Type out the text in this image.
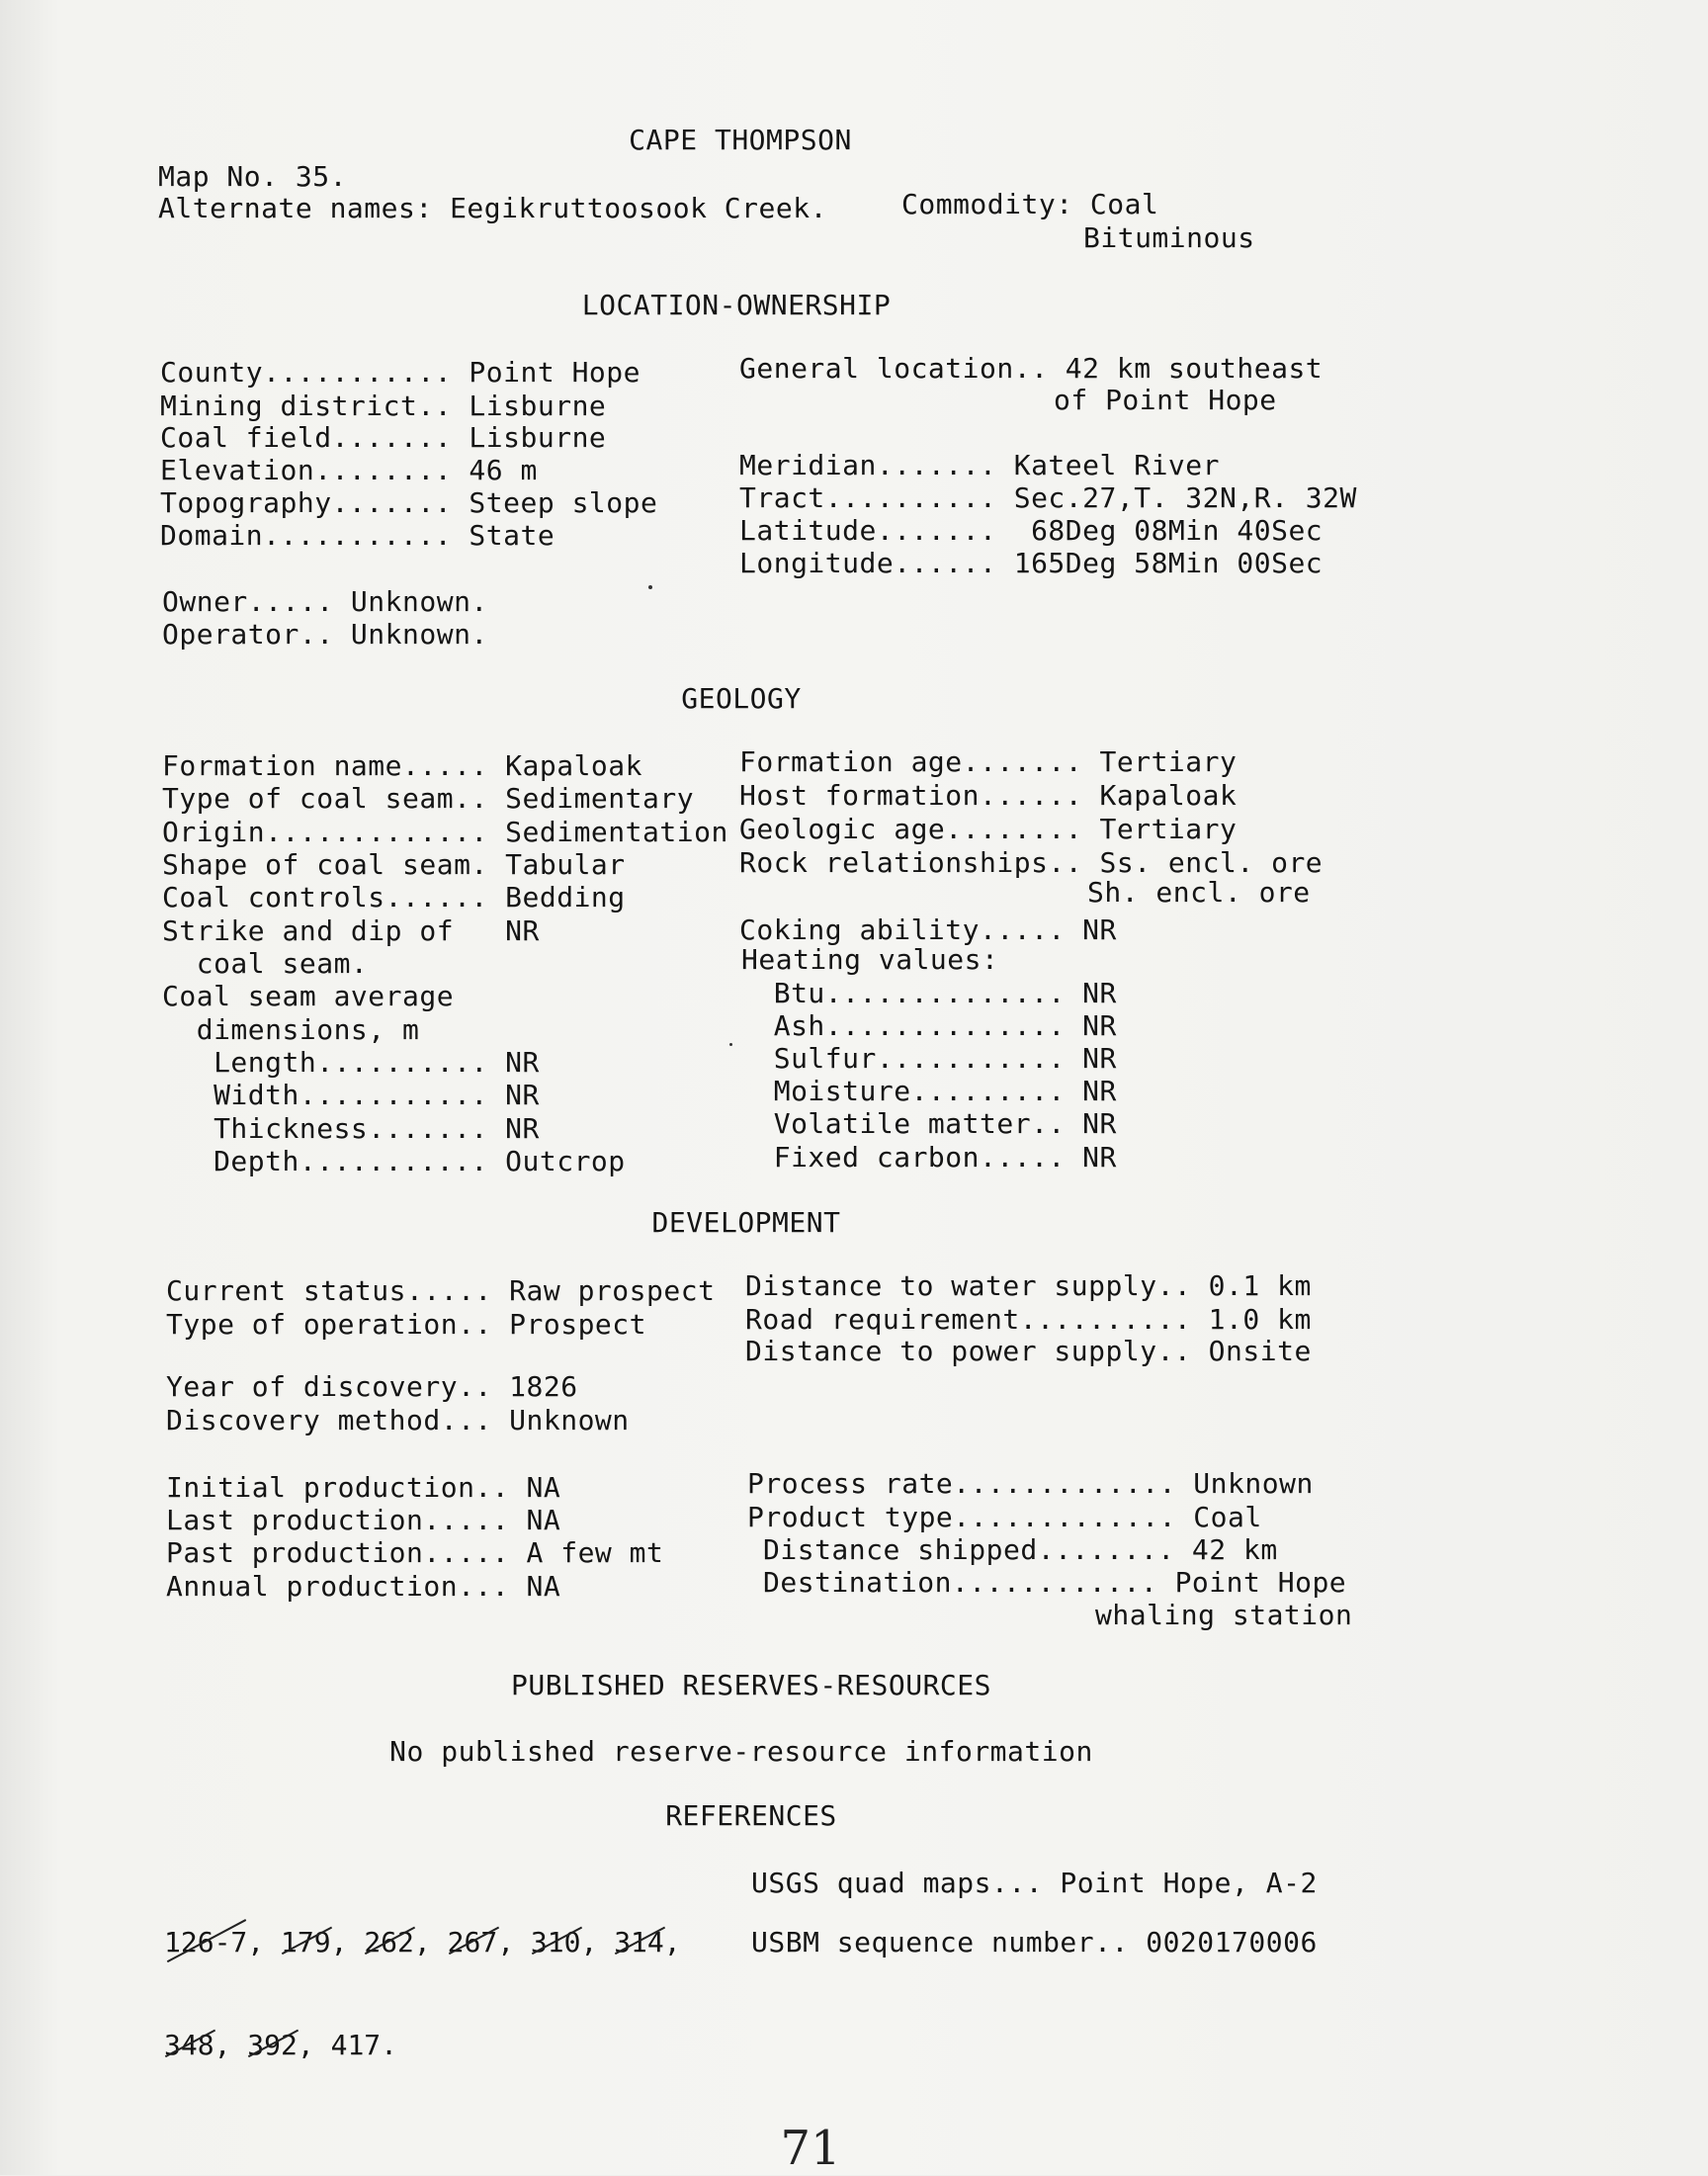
CAPE THOMPSON
Map No. 35.
Alternate names: Eegikruttoosook Creek.	Commodity: Coal
Bituminous
LOCATION-OWNERSHIP
County........... Point Hope
Mining district.. Lisburne
Coal field....... Lisburne
Elevation........ 46 m
Topography....... Steep slope
Domain........... State
General location.. 42 km southeast
of Point Hope
Meridian....... Kateel River
Tract.......... Sec.27,T. 32N,R. 32W
Latitude.......  68Deg 08Min 40Sec
Longitude...... 165Deg 58Min 00Sec
Owner..... Unknown.
Operator.. Unknown.
GEOLOGY
Formation name..... Kapaloak
Type of coal seam.. Sedimentary
Origin............. Sedimentation
Shape of coal seam. Tabular
Coal controls...... Bedding
Strike and dip of   NR
coal seam.
Coal seam average
dimensions, m
Length.......... NR
Width........... NR
Thickness....... NR
Depth........... Outcrop
Formation age....... Tertiary
Host formation...... Kapaloak
Geologic age........ Tertiary
Rock relationships.. Ss. encl. ore
Sh. encl. ore
Coking ability..... NR
Heating values:
Btu.............. NR
Ash.............. NR
Sulfur........... NR
Moisture......... NR
Volatile matter.. NR
Fixed carbon..... NR
DEVELOPMENT
Current status..... Raw prospect
Type of operation.. Prospect
Year of discovery.. 1826
Discovery method... Unknown
Distance to water supply.. 0.1 km
Road requirement.......... 1.0 km
Distance to power supply.. Onsite
Initial production.. NA
Last production..... NA
Past production..... A few mt
Annual production... NA
Process rate............. Unknown
Product type............. Coal
Distance shipped........ 42 km
Destination............ Point Hope
whaling station
PUBLISHED RESERVES-RESOURCES
No published reserve-resource information
REFERENCES

126-7, 179, 262, 267, 310, 314,

348, 392, 417.

USGS quad maps... Point Hope, A-2
USBM sequence number.. 0020170006
71
